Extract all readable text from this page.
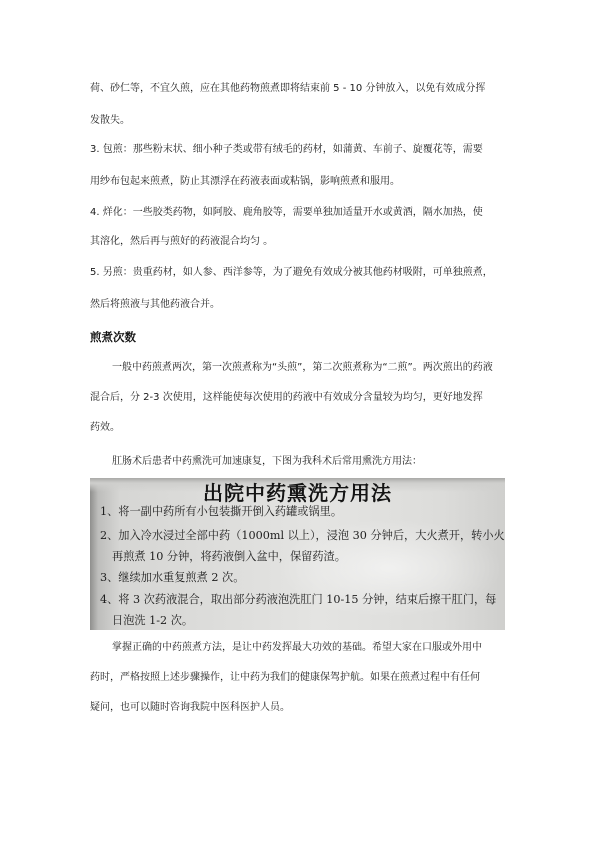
荷、砂仁等，不宜久煎，应在其他药物煎煮即将结束前 5 - 10 分钟放入，以免有效成分挥
发散失。
3. 包煎：那些粉末状、细小种子类或带有绒毛的药材，如蒲黄、车前子、旋覆花等，需要
用纱布包起来煎煮，防止其漂浮在药液表面或粘锅，影响煎煮和服用。
4. 烊化：一些胶类药物，如阿胶、鹿角胶等，需要单独加适量开水或黄酒，隔水加热，使
其溶化，然后再与煎好的药液混合均匀 。
5. 另煎：贵重药材，如人参、西洋参等，为了避免有效成分被其他药材吸附，可单独煎煮，
然后将煎液与其他药液合并。
煎煮次数
一般中药煎煮两次，第一次煎煮称为“头煎”，第二次煎煮称为“二煎”。两次煎出的药液
混合后，分 2-3 次使用，这样能使每次使用的药液中有效成分含量较为均匀，更好地发挥
药效。
肛肠术后患者中药熏洗可加速康复，下图为我科术后常用熏洗方用法：
出院中药熏洗方用法
1、将一副中药所有小包装撕开倒入药罐或锅里。
2、加入冷水浸过全部中药（1000ml 以上），浸泡 30 分钟后，大火煮开，转小火
再煎煮 10 分钟，将药液倒入盆中，保留药渣。
3、继续加水重复煎煮 2 次。
4、将 3 次药液混合，取出部分药液泡洗肛门 10-15 分钟，结束后擦干肛门，每
日泡洗 1-2 次。
掌握正确的中药煎煮方法，是让中药发挥最大功效的基础。希望大家在口服或外用中
药时，严格按照上述步骤操作，让中药为我们的健康保驾护航。如果在煎煮过程中有任何
疑问，也可以随时咨询我院中医科医护人员。
